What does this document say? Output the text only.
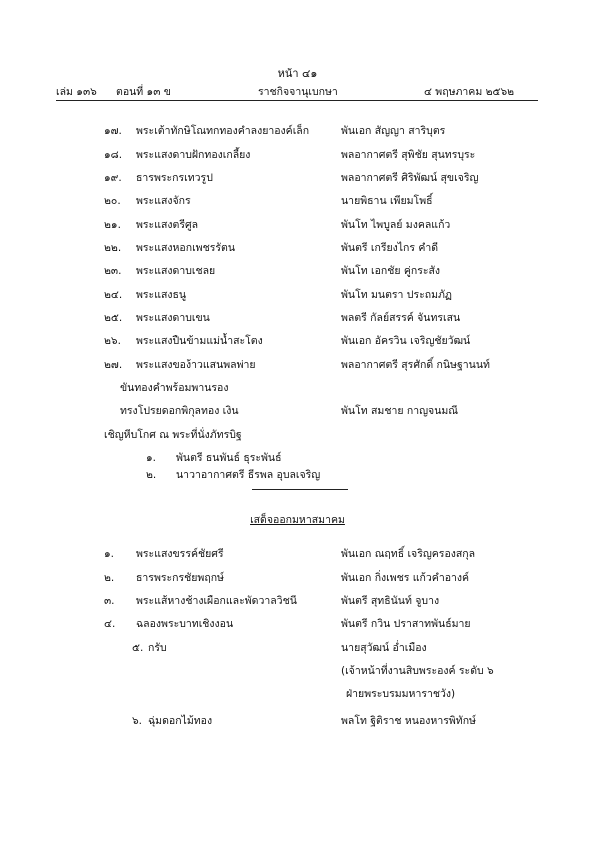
หน้า ๔๑
เล่ม ๑๓๖ ตอนที่ ๑๓ ข	ราชกิจจานุเบกษา	๔ พฤษภาคม ๒๕๖๒
๑๗.	พระเต้าทักษิโณทกทองคำลงยาองค์เล็ก	พันเอก สัญญา สาริบุตร
๑๘.	พระแสงดาบฝักทองเกลี้ยง	พลอากาศตรี สุพิชัย สุนทรบุระ
๑๙.	ธารพระกรเทวรูป	พลอากาศตรี ศิริพัฒน์ สุขเจริญ
๒๐.	พระแสงจักร	นายพิธาน เพียมโพธิ์
๒๑.	พระแสงตรีศูล	พันโท ไพบูลย์ มงคลแก้ว
๒๒.	พระแสงหอกเพชรรัตน	พันตรี เกรียงไกร คำดี
๒๓.	พระแสงดาบเชลย	พันโท เอกชัย คู่กระสัง
๒๔.	พระแสงธนู	พันโท มนตรา ประถมภัฏ
๒๕.	พระแสงดาบเขน	พลตรี กัลย์สรรค์ จันทรเสน
๒๖.	พระแสงปืนข้ามแม่น้ำสะโตง	พันเอก อัครวิน เจริญชัยวัฒน์
๒๗.	พระแสงของ้าวแสนพลพ่าย	พลอากาศตรี สุรศักดิ์ กนิษฐานนท์
ขันทองคำพร้อมพานรอง
ทรงโปรยดอกพิกุลทอง เงิน	พันโท สมชาย กาญจนมณี
เชิญหีบโกศ ณ พระที่นั่งภัทรบิฐ
๑. พันตรี ธนพันธ์ ธุระพันธ์
๒. นาวาอากาศตรี ธีรพล อุบลเจริญ
เสด็จออกมหาสมาคม
๑.	พระแสงขรรค์ชัยศรี	พันเอก ณฤทธิ์ เจริญครองสกุล
๒.	ธารพระกรชัยพฤกษ์	พันเอก กิ่งเพชร แก้วคำอางค์
๓.	พระแส้หางช้างเผือกและพัดวาลวิชนี	พันตรี สุทธินันท์ จูบาง
๔.	ฉลองพระบาทเชิงงอน	พันตรี กวิน ปราสาทพันธ์มาย
๕. กรับ	นายสุวัฒน์ อ่ำเมือง
(เจ้าหน้าที่งานสิบพระองค์ ระดับ ๖
ฝ่ายพระบรมมหาราชวัง)
๖. ฉุ่มดอกไม้ทอง	พลโท ฐิติราช หนองหารพิทักษ์
